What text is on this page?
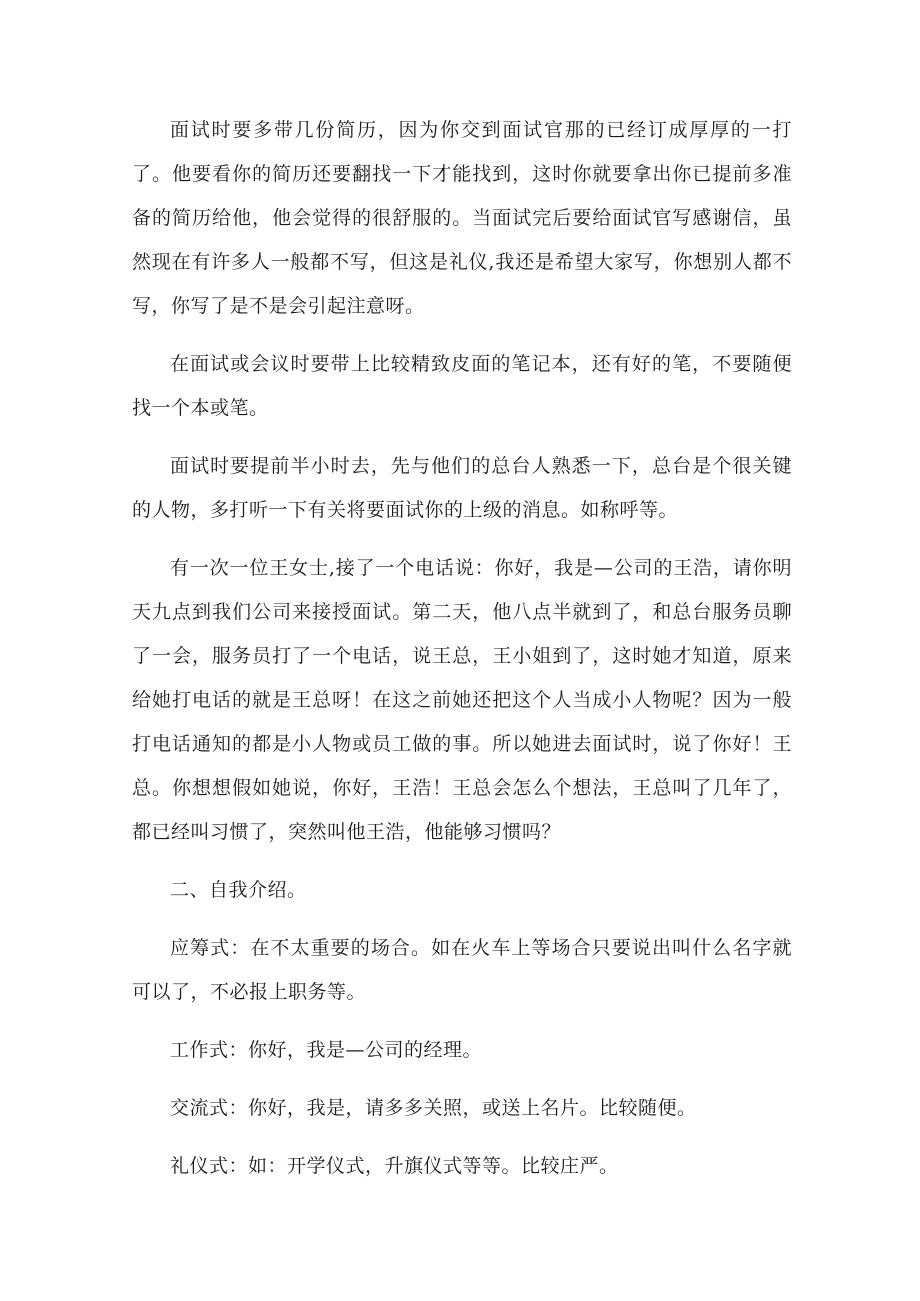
面试时要多带几份简历，因为你交到面试官那的已经订成厚厚的一打了。他要看你的简历还要翻找一下才能找到，这时你就要拿出你已提前多准备的简历给他，他会觉得的很舒服的。当面试完后要给面试官写感谢信，虽然现在有许多人一般都不写，但这是礼仪,我还是希望大家写，你想别人都不写，你写了是不是会引起注意呀。

在面试或会议时要带上比较精致皮面的笔记本，还有好的笔，不要随便找一个本或笔。

面试时要提前半小时去，先与他们的总台人熟悉一下，总台是个很关键的人物，多打听一下有关将要面试你的上级的消息。如称呼等。

有一次一位王女士,接了一个电话说：你好，我是—公司的王浩，请你明天九点到我们公司来接授面试。第二天，他八点半就到了，和总台服务员聊了一会，服务员打了一个电话，说王总，王小姐到了，这时她才知道，原来给她打电话的就是王总呀！在这之前她还把这个人当成小人物呢？因为一般打电话通知的都是小人物或员工做的事。所以她进去面试时，说了你好！王总。你想想假如她说，你好，王浩！王总会怎么个想法，王总叫了几年了，都已经叫习惯了，突然叫他王浩，他能够习惯吗？

二、自我介绍。

应筹式：在不太重要的场合。如在火车上等场合只要说出叫什么名字就可以了，不必报上职务等。

工作式：你好，我是—公司的经理。

交流式：你好，我是，请多多关照，或送上名片。比较随便。

礼仪式：如：开学仪式，升旗仪式等等。比较庄严。
